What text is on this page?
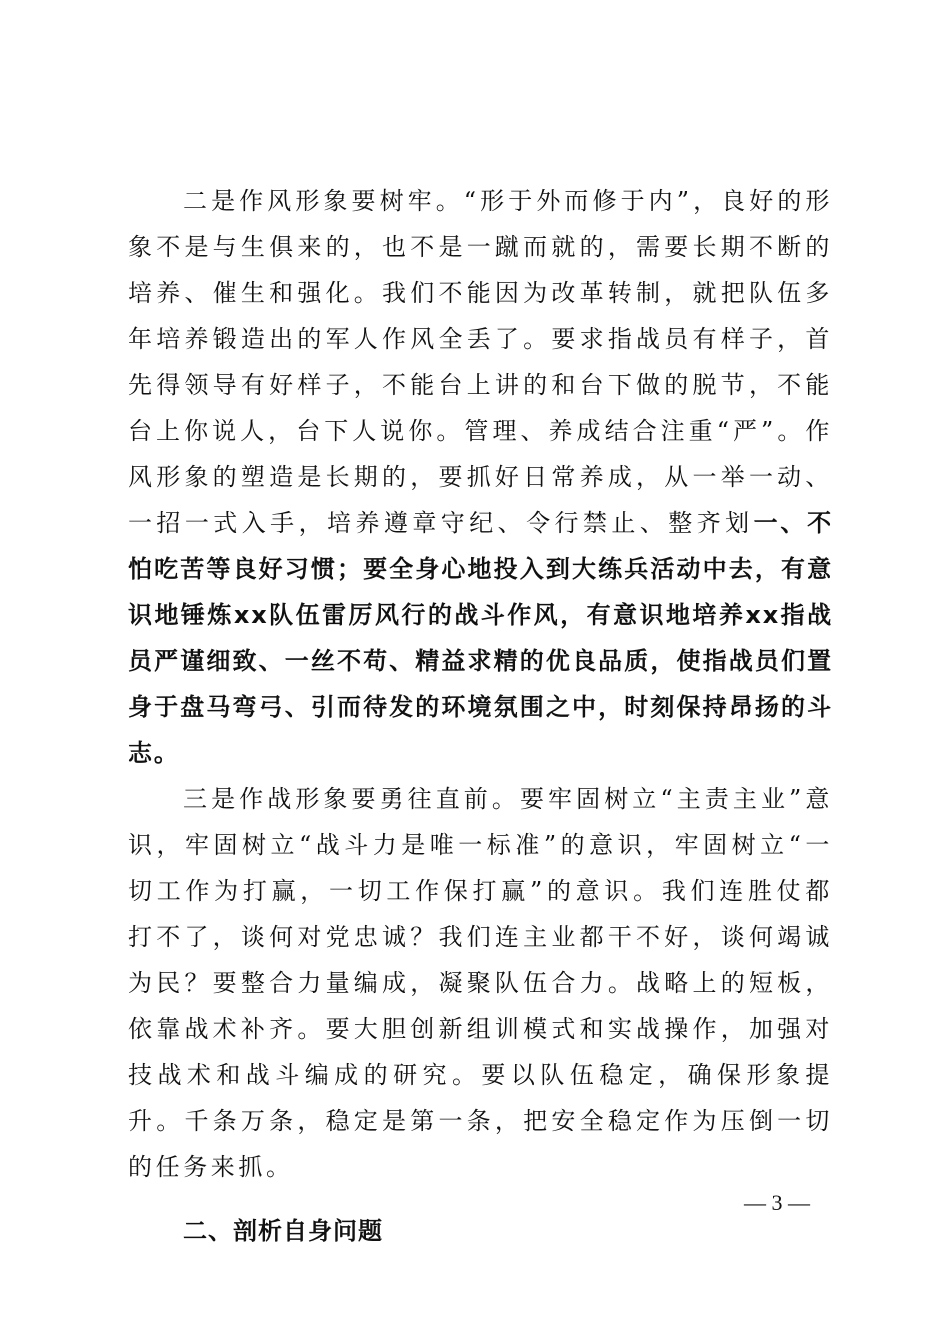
二是作风形象要树牢。“形于外而修于内”，良好的形象不是与生俱来的，也不是一蹴而就的，需要长期不断的培养、催生和强化。我们不能因为改革转制，就把队伍多年培养锻造出的军人作风全丢了。要求指战员有样子，首先得领导有好样子，不能台上讲的和台下做的脱节，不能台上你说人，台下人说你。管理、养成结合注重“严”。作风形象的塑造是长期的，要抓好日常养成，从一举一动、一招一式入手，培养遵章守纪、令行禁止、整齐划一、不怕吃苦等良好习惯；要全身心地投入到大练兵活动中去，有意识地锤炼xx队伍雷厉风行的战斗作风，有意识地培养xx指战员严谨细致、一丝不苟、精益求精的优良品质，使指战员们置身于盘马弯弓、引而待发的环境氛围之中，时刻保持昂扬的斗志。

三是作战形象要勇往直前。要牢固树立“主责主业”意识，牢固树立“战斗力是唯一标准”的意识，牢固树立“一切工作为打赢，一切工作保打赢”的意识。我们连胜仗都打不了，谈何对党忠诚？我们连主业都干不好，谈何竭诚为民？要整合力量编成，凝聚队伍合力。战略上的短板，依靠战术补齐。要大胆创新组训模式和实战操作，加强对技战术和战斗编成的研究。要以队伍稳定，确保形象提升。千条万条，稳定是第一条，把安全稳定作为压倒一切的任务来抓。

二、剖析自身问题

— 3 —
